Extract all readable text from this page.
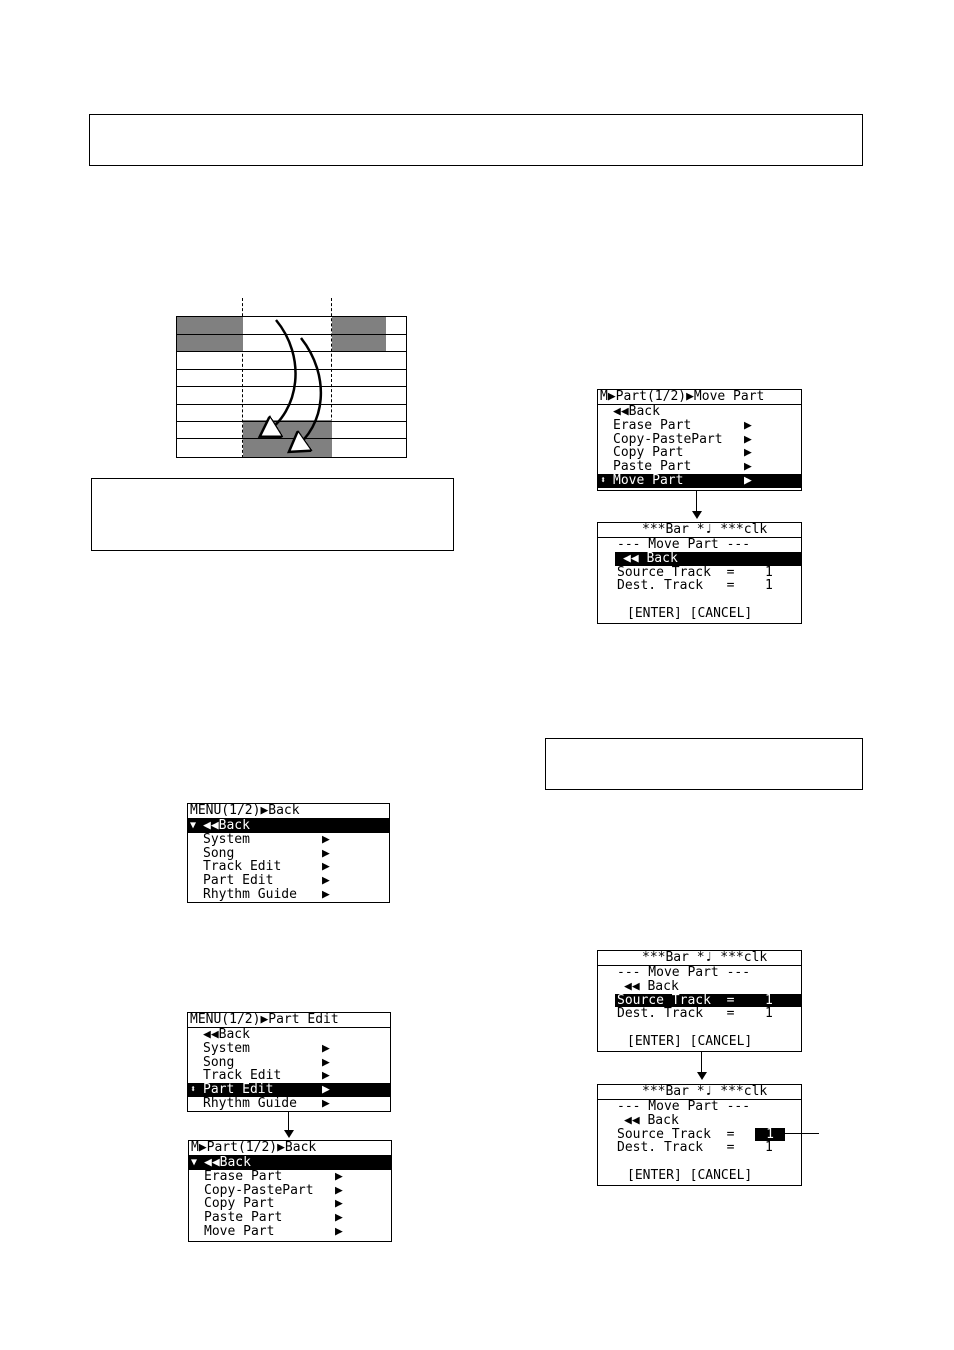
MENU(1/2)▶Back
▼ ◀◀Back
System	▶
Song	▶
Track Edit	▶
Part Edit	▶
Rhythm Guide ▶
MENU(1/2)▶Part Edit
◀◀Back
System	▶
Song	▶
Track Edit	▶
⬍ Part Edit	▶
Rhythm Guide ▶
M▶Part(1/2)▶Back
▼ ◀◀Back
Erase Part	▶
Copy-PastePart ▶
Copy Part	▶
Paste Part	▶
Move Part	▶
M▶Part(1/2)▶Move Part
◀◀Back
Erase Part	▶
Copy-PastePart ▶
Copy Part	▶
Paste Part	▶
⬍ Move Part	▶
***Bar *♩ ***clk
--- Move Part ---
◀◀ Back
Source Track  = 1
Dest. Track   = 1
[ENTER] [CANCEL]
***Bar *♩ ***clk
--- Move Part ---
◀◀ Back
Source Track  = 1
Dest. Track   = 1
[ENTER] [CANCEL]
***Bar *♩ ***clk
--- Move Part ---
◀◀ Back
Source Track  =	1
Dest. Track   = 1
[ENTER] [CANCEL]
